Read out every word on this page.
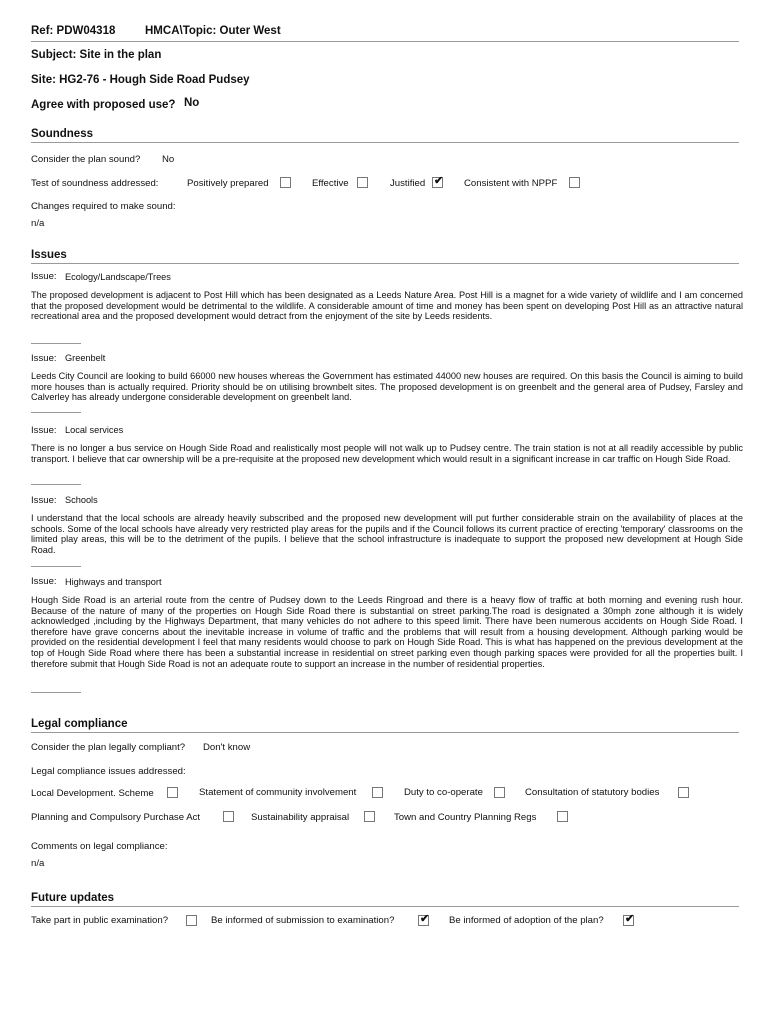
Ref: PDW04318	HMCA\Topic: Outer West
Subject: Site in the plan
Site: HG2-76 - Hough Side Road Pudsey
Agree with proposed use? No
Soundness
Consider the plan sound? No
Test of soundness addressed:	Positively prepared	Effective	Justified ✔ Consistent with NPPF
Changes required to make sound:
n/a
Issues
Issue: Ecology/Landscape/Trees
The proposed development is adjacent to Post Hill which has been designated as a Leeds Nature Area. Post Hill is a magnet for a wide variety of wildlife and I am concerned that the proposed development would be detrimental to the wildlife. A considerable amount of time and money has been spent on developing Post Hill as an attractive natural recreational area and the proposed development would detract from the enjoyment of the site by Leeds residents.
Issue: Greenbelt
Leeds City Council are looking to build 66000 new houses whereas the Government has estimated 44000 new houses are required. On this basis the Council is aiming to build more houses than is actually required. Priority should be on utilising brownbelt sites. The proposed development is on greenbelt and the general area of Pudsey, Farsley and Calverley has already undergone considerable development on greenbelt land.
Issue: Local services
There is no longer a bus service on Hough Side Road and realistically most people will not walk up to Pudsey centre. The train station is not at all readily accessible by public transport. I believe that car ownership will be a pre-requisite at the proposed new development which would result in a significant increase in car traffic on Hough Side Road.
Issue: Schools
I understand that the local schools are already heavily subscribed and the proposed new development will put further considerable strain on the availability of places at the schools. Some of the local schools have already very restricted play areas for the pupils and if the Council follows its current practice of erecting 'temporary' classrooms on the limited play areas, this will be to the detriment of the pupils. I believe that the school infrastructure is inadequate to support the proposed new development at Hough Side Road.
Issue: Highways and transport
Hough Side Road is an arterial route from the centre of Pudsey down to the Leeds Ringroad and there is a heavy flow of traffic at both morning and evening rush hour. Because of the nature of many of the properties on Hough Side Road there is substantial on street parking.The road is designated a 30mph zone although it is widely acknowledged ,including by the Highways Department, that many vehicles do not adhere to this speed limit. There have been numerous accidents on Hough Side Road. I therefore have grave concerns about the inevitable increase in volume of traffic and the problems that will result from a housing development. Although parking would be provided on the residential development I feel that many residents would choose to park on Hough Side Road. This is what has happened on the previous development at the top of Hough Side Road where there has been a substantial increase in residential on street parking even though parking spaces were provided for all the properties built. I therefore submit that Hough Side Road is not an adequate route to support an increase in the number of residential properties.
Legal compliance
Consider the plan legally compliant? Don't know
Legal compliance issues addressed:
Local Development. Scheme	Statement of community involvement	Duty to co-operate	Consultation of statutory bodies
Planning and Compulsory Purchase Act	Sustainability appraisal	Town and Country Planning Regs
Comments on legal compliance:
n/a
Future updates
Take part in public examination?	Be informed of submission to examination? ✔ Be informed of adoption of the plan? ✔
